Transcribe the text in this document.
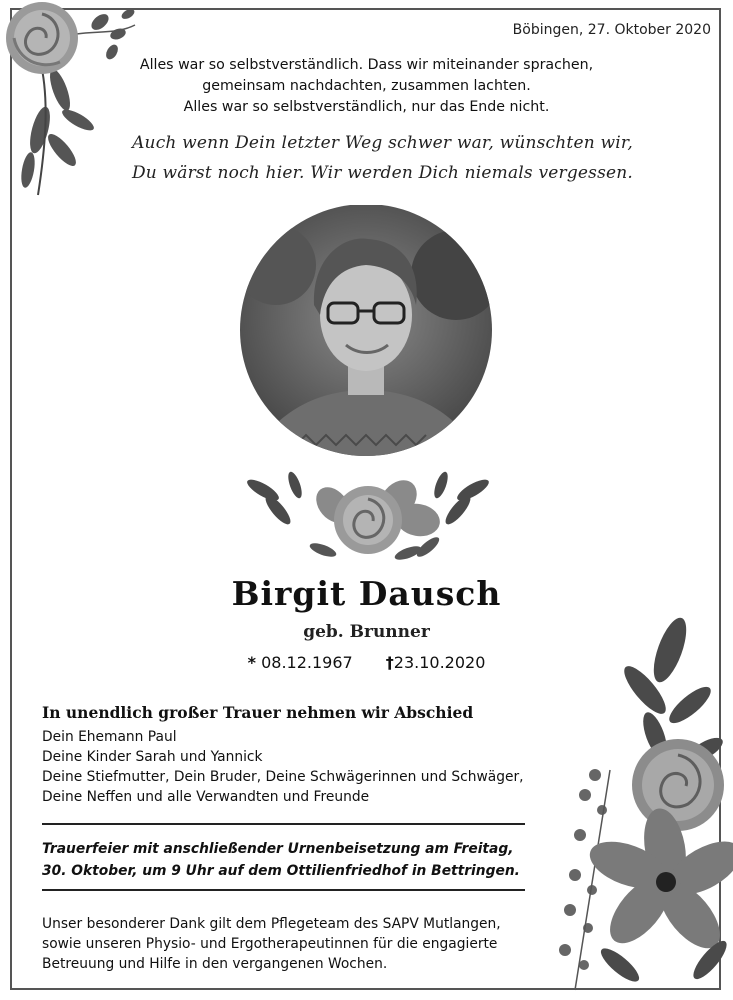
Böbingen, 27. Oktober 2020
Alles war so selbstverständlich. Dass wir miteinander sprachen,
gemeinsam nachdachten, zusammen lachten.
Alles war so selbstverständlich, nur das Ende nicht.
Auch wenn Dein letzter Weg schwer war, wünschten wir,
Du wärst noch hier. Wir werden Dich niemals vergessen.
Birgit Dausch
geb. Brunner
* 08.12.1967 †23.10.2020
In unendlich großer Trauer nehmen wir Abschied
Dein Ehemann Paul
Deine Kinder Sarah und Yannick
Deine Stiefmutter, Dein Bruder, Deine Schwägerinnen und Schwäger,
Deine Neffen und alle Verwandten und Freunde
Trauerfeier mit anschließender Urnenbeisetzung am Freitag,
30. Oktober, um 9 Uhr auf dem Ottilienfriedhof in Bettringen.
Unser besonderer Dank gilt dem Pflegeteam des SAPV Mutlangen,
sowie unseren Physio- und Ergotherapeutinnen für die engagierte
Betreuung und Hilfe in den vergangenen Wochen.
